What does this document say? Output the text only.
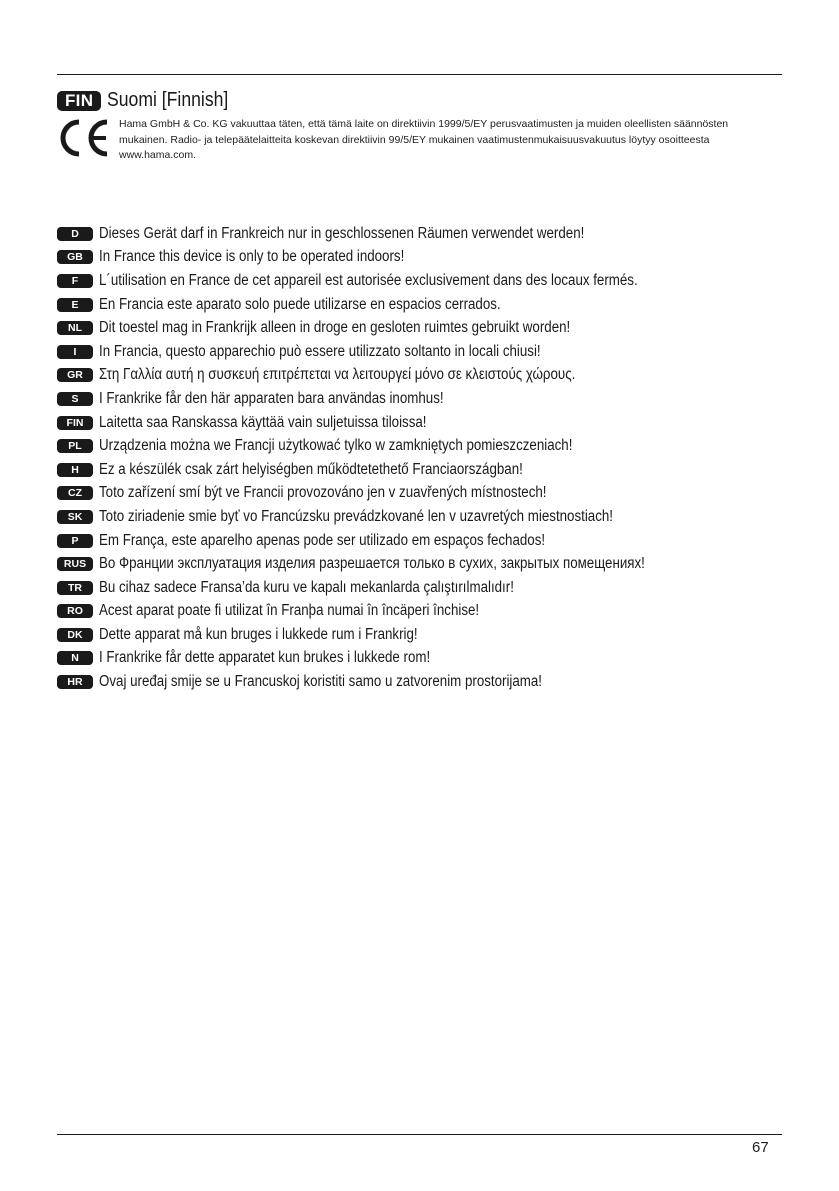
FIN Suomi [Finnish]
Hama GmbH & Co. KG vakuuttaa täten, että tämä laite on direktiivin 1999/5/EY perusvaatimusten ja muiden oleellisten säännösten mukainen. Radio- ja telepäätelaitteita koskevan direktiivin 99/5/EY mukainen vaatimustenmukaisuusvakuutus löytyy osoitteesta www.hama.com.
D	Dieses Gerät darf in Frankreich nur in geschlossenen Räumen verwendet werden!
GB	In France this device is only to be operated indoors!
F	L´utilisation en France de cet appareil est autorisée exclusivement dans des locaux fermés.
E	En Francia este aparato solo puede utilizarse en espacios cerrados.
NL	Dit toestel mag in Frankrijk alleen in droge en gesloten ruimtes gebruikt worden!
I	In Francia, questo apparechio può essere utilizzato soltanto in locali chiusi!
GR	Στη Γαλλία αυτή η συσκευή επιτρέπεται να λειτουργεί μόνο σε κλειστούς χώρους.
S	I Frankrike får den här apparaten bara användas inomhus!
FIN	Laitetta saa Ranskassa käyttää vain suljetuissa tiloissa!
PL	Urządzenia można we Francji użytkować tylko w zamkniętych pomieszczeniach!
H	Ez a készülék csak zárt helyiségben működtetethető Franciaországban!
CZ	Toto zařízení smí být ve Francii provozováno jen v zuavřených místnostech!
SK	Toto ziriadenie smie byť vo Francúzsku prevádzkované len v uzavretých miestnostiach!
P	Em França, este aparelho apenas pode ser utilizado em espaços fechados!
RUS Во Франции эксплуатация изделия разрешается только в сухих, закрытых помещениях!
TR	Bu cihaz sadece Fransa’da kuru ve kapalı mekanlarda çalıştırılmalıdır!
RO	Acest aparat poate fi utilizat în Franþa numai în încäperi închise!
DK	Dette apparat må kun bruges i lukkede rum i Frankrig!
N	I Frankrike får dette apparatet kun brukes i lukkede rom!
HR	Ovaj uređaj smije se u Francuskoj koristiti samo u zatvorenim prostorijama!
67
